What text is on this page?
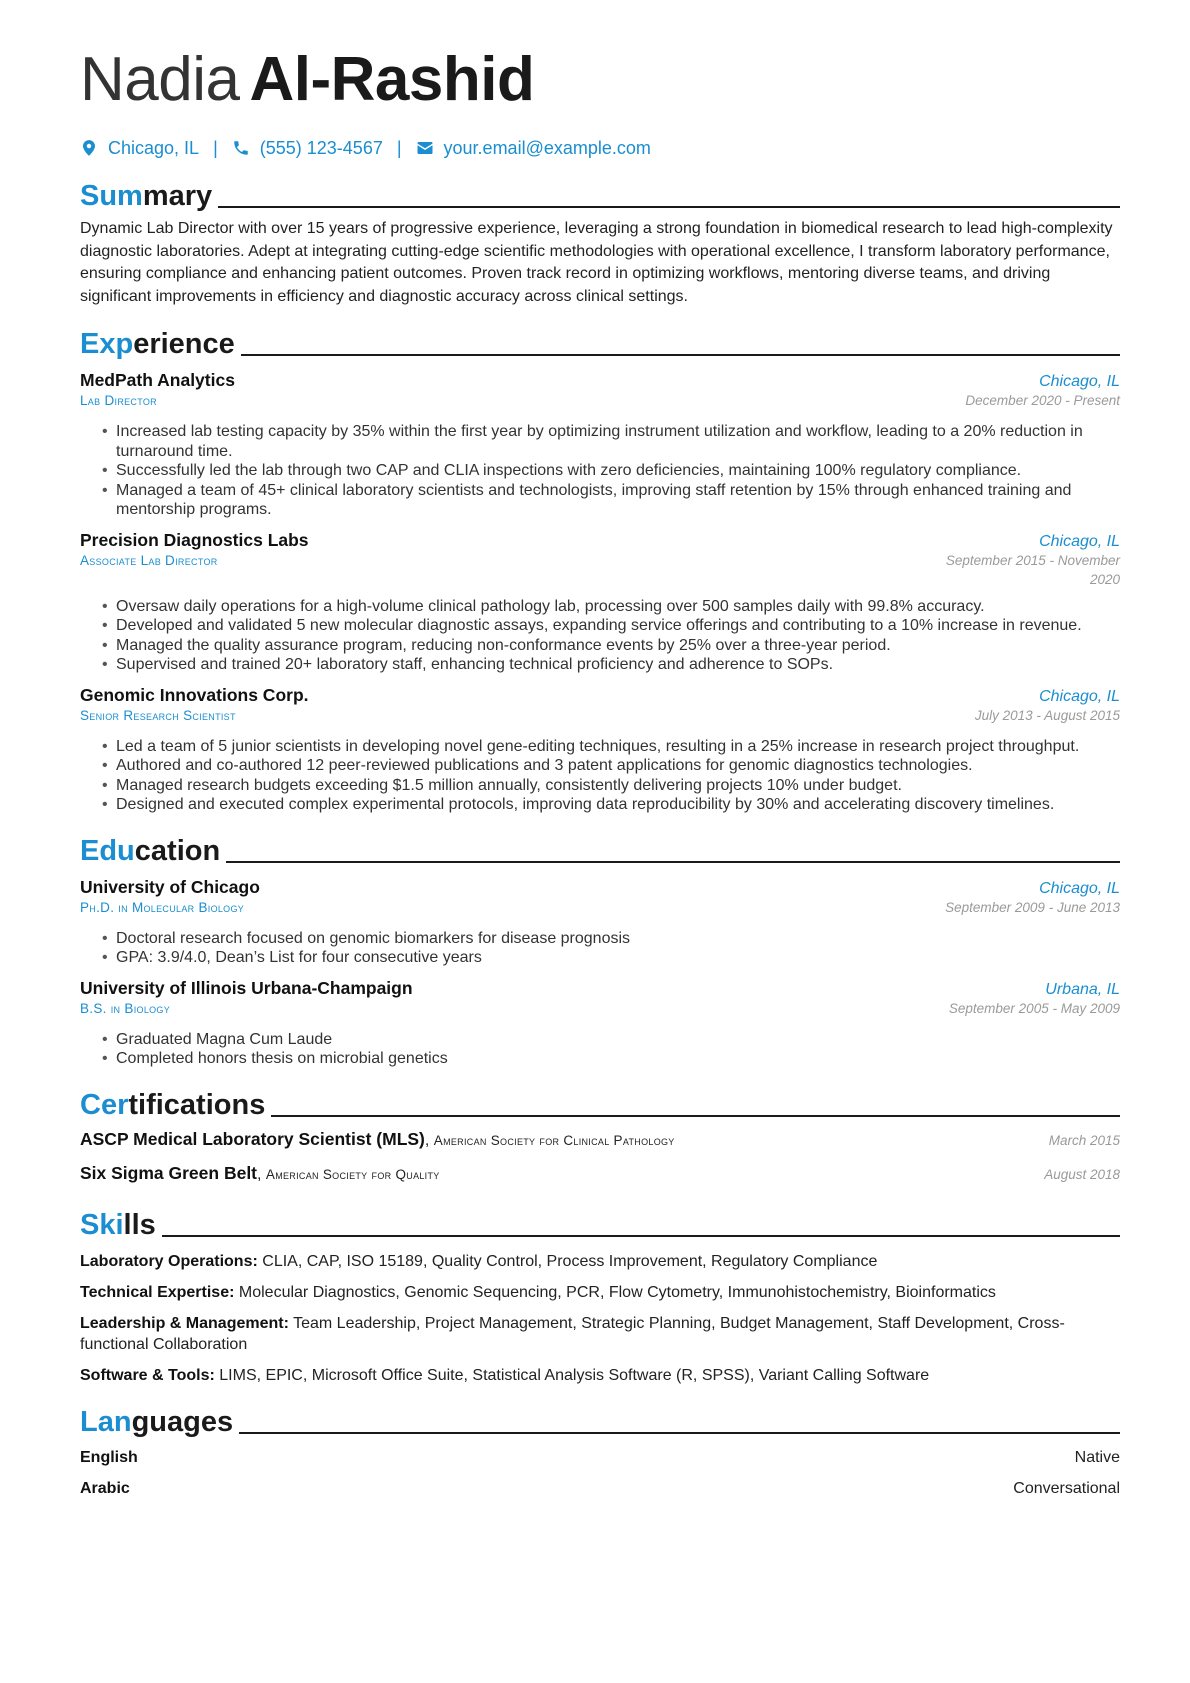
Nadia Al-Rashid
Chicago, IL | (555) 123-4567 | your.email@example.com
Summary

Dynamic Lab Director with over 15 years of progressive experience, leveraging a strong foundation in biomedical research to lead high-complexity diagnostic laboratories. Adept at integrating cutting-edge scientific methodologies with operational excellence, I transform laboratory performance, ensuring compliance and enhancing patient outcomes. Proven track record in optimizing workflows, mentoring diverse teams, and driving significant improvements in efficiency and diagnostic accuracy across clinical settings.

Experience
MedPath Analytics	Chicago, IL
Lab Director	December 2020 - Present
• Increased lab testing capacity by 35% within the first year by optimizing instrument utilization and workflow, leading to a 20% reduction in turnaround time.
• Successfully led the lab through two CAP and CLIA inspections with zero deficiencies, maintaining 100% regulatory compliance.
• Managed a team of 45+ clinical laboratory scientists and technologists, improving staff retention by 15% through enhanced training and mentorship programs.
Precision Diagnostics Labs	Chicago, IL
Associate Lab Director	September 2015 - November 2020
• Oversaw daily operations for a high-volume clinical pathology lab, processing over 500 samples daily with 99.8% accuracy.
• Developed and validated 5 new molecular diagnostic assays, expanding service offerings and contributing to a 10% increase in revenue.
• Managed the quality assurance program, reducing non-conformance events by 25% over a three-year period.
• Supervised and trained 20+ laboratory staff, enhancing technical proficiency and adherence to SOPs.
Genomic Innovations Corp.	Chicago, IL
Senior Research Scientist	July 2013 - August 2015
• Led a team of 5 junior scientists in developing novel gene-editing techniques, resulting in a 25% increase in research project throughput.
• Authored and co-authored 12 peer-reviewed publications and 3 patent applications for genomic diagnostics technologies.
• Managed research budgets exceeding $1.5 million annually, consistently delivering projects 10% under budget.
• Designed and executed complex experimental protocols, improving data reproducibility by 30% and accelerating discovery timelines.
Education
University of Chicago	Chicago, IL
Ph.D. in Molecular Biology	September 2009 - June 2013
• Doctoral research focused on genomic biomarkers for disease prognosis
• GPA: 3.9/4.0, Dean’s List for four consecutive years
University of Illinois Urbana-Champaign	Urbana, IL
B.S. in Biology	September 2005 - May 2009
• Graduated Magna Cum Laude
• Completed honors thesis on microbial genetics
Certifications
ASCP Medical Laboratory Scientist (MLS), American Society for Clinical Pathology	March 2015
Six Sigma Green Belt, American Society for Quality	August 2018
Skills

Laboratory Operations: CLIA, CAP, ISO 15189, Quality Control, Process Improvement, Regulatory Compliance

Technical Expertise: Molecular Diagnostics, Genomic Sequencing, PCR, Flow Cytometry, Immunohistochemistry, Bioinformatics

Leadership & Management: Team Leadership, Project Management, Strategic Planning, Budget Management, Staff Development, Cross-functional Collaboration

Software & Tools: LIMS, EPIC, Microsoft Office Suite, Statistical Analysis Software (R, SPSS), Variant Calling Software

Languages
English	Native
Arabic	Conversational
